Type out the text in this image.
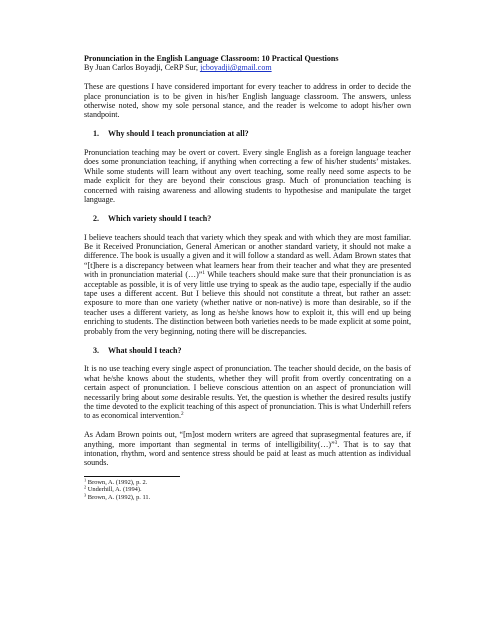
Pronunciation in the English Language Classroom: 10 Practical Questions

By Juan Carlos Boyadji, CeRP Sur, jcboyadji@gmail.com

These are questions I have considered important for every teacher to address in order to decide the place pronunciation is to be given in his/her English language classroom. The answers, unless otherwise noted, show my sole personal stance, and the reader is welcome to adopt his/her own standpoint.

1.	Why should I teach pronunciation at all?

Pronunciation teaching may be overt or covert. Every single English as a foreign language teacher does some pronunciation teaching, if anything when correcting a few of his/her students’ mistakes. While some students will learn without any overt teaching, some really need some aspects to be made explicit for they are beyond their conscious grasp. Much of pronunciation teaching is concerned with raising awareness and allowing students to hypothesise and manipulate the target language.

2.	Which variety should I teach?

I believe teachers should teach that variety which they speak and with which they are most familiar. Be it Received Pronunciation, General American or another standard variety, it should not make a difference. The book is usually a given and it will follow a standard as well. Adam Brown states that “[t]here is a discrepancy between what learners hear from their teacher and what they are presented with in pronunciation material (…)”$^1$ While teachers should make sure that their pronunciation is as acceptable as possible, it is of very little use trying to speak as the audio tape, especially if the audio tape uses a different accent. But I believe this should not constitute a threat, but rather an asset: exposure to more than one variety (whether native or non-native) is more than desirable, so if the teacher uses a different variety, as long as he/she knows how to exploit it, this will end up being enriching to students. The distinction between both varieties needs to be made explicit at some point, probably from the very beginning, noting there will be discrepancies.

3.	What should I teach?

It is no use teaching every single aspect of pronunciation. The teacher should decide, on the basis of what he/she knows about the students, whether they will profit from overtly concentrating on a certain aspect of pronunciation. I believe conscious attention on an aspect of pronunciation will necessarily bring about some desirable results. Yet, the question is whether the desired results justify the time devoted to the explicit teaching of this aspect of pronunciation. This is what Underhill refers to as economical intervention.$^2$

As Adam Brown points out, “[m]ost modern writers are agreed that suprasegmental features are, if anything, more important than segmental in terms of intelligibility(…)”$^3$. That is to say that intonation, rhythm, word and sentence stress should be paid at least as much attention as individual sounds.

$^1$ Brown, A. (1992), p. 2.

$^2$ Underhill, A. (1994).

$^3$ Brown, A. (1992), p. 11.
